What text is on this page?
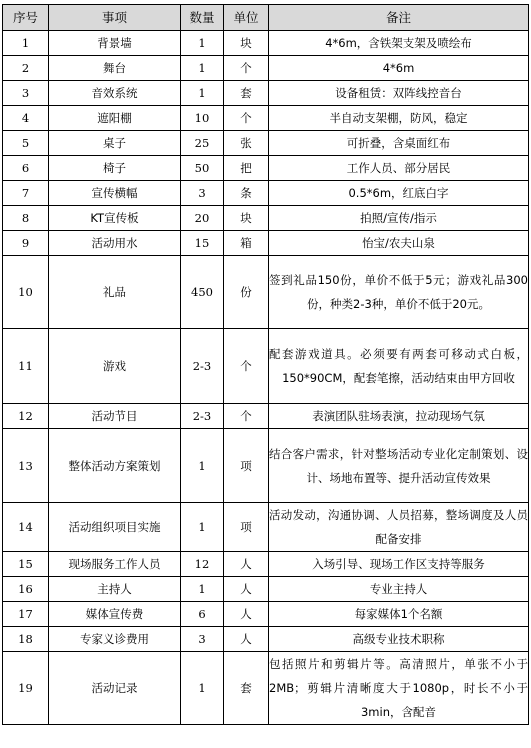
序号	事项	数量	单位	备注
1	背景墙	1	块	4*6m，含铁架支架及喷绘布
2	舞台	1	个	4*6m
3	音效系统	1	套	设备租赁：双阵线控音台
4	遮阳棚	10	个	半自动支架棚，防风，稳定
5	桌子	25	张	可折叠，含桌面红布
6	椅子	50	把	工作人员、部分居民
7	宣传横幅	3	条	0.5*6m，红底白字
8	KT宣传板	20	块	拍照/宣传/指示
9	活动用水	15	箱	怡宝/农夫山泉
10	礼品	450	份	签到礼品150份，单价不低于5元；游戏礼品300份，种类2-3种，单价不低于20元。
11	游戏	2-3	个	配套游戏道具。必须要有两套可移动式白板，150*90CM，配套笔擦，活动结束由甲方回收
12	活动节目	2-3	个	表演团队驻场表演，拉动现场气氛
13	整体活动方案策划	1	项	结合客户需求，针对整场活动专业化定制策划、设计、场地布置等、提升活动宣传效果
14	活动组织项目实施	1	项	活动发动，沟通协调、人员招募，整场调度及人员配备安排
15	现场服务工作人员	12	人	入场引导、现场工作区支持等服务
16	主持人	1	人	专业主持人
17	媒体宣传费	6	人	每家媒体1个名额
18	专家义诊费用	3	人	高级专业技术职称
19	活动记录	1	套	包括照片和剪辑片等。高清照片，单张不小于2MB；剪辑片清晰度大于1080p，时长不小于3min，含配音
